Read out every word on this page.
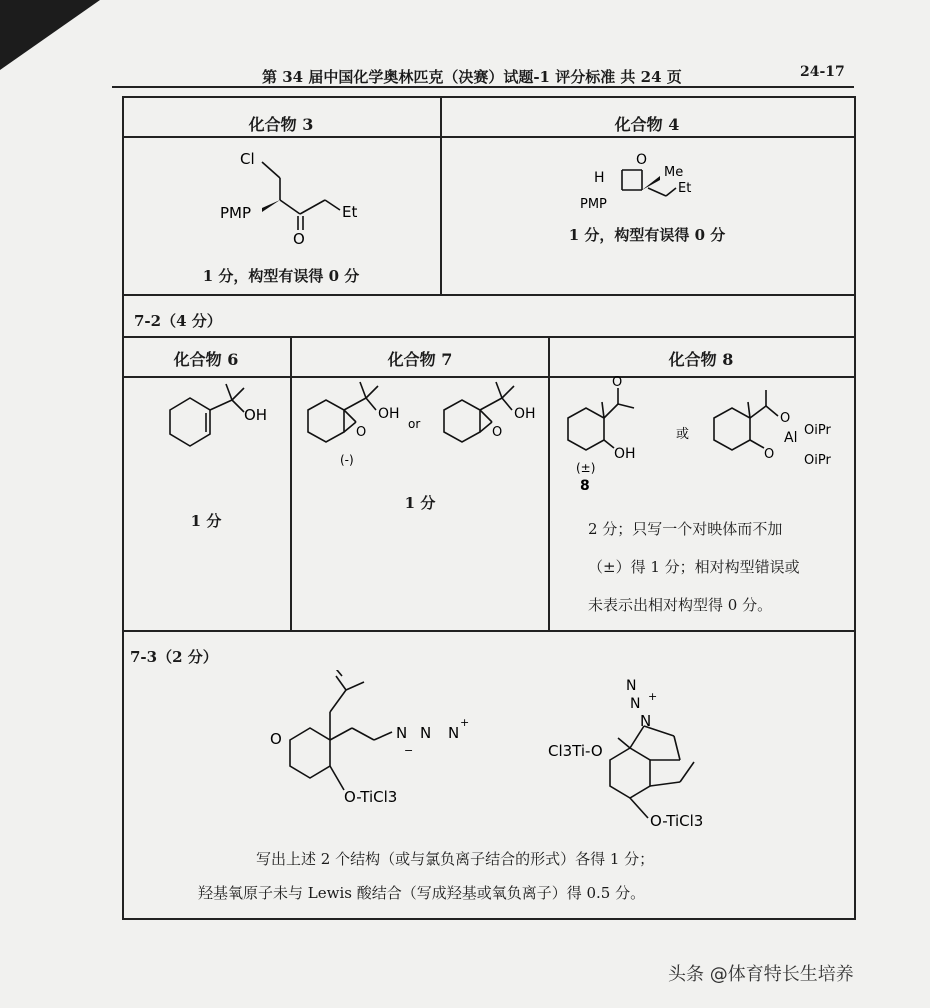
第 34 届中国化学奥林匹克（决赛）试题-1 评分标准 共 24 页	24-17
化合物 3	化合物 4
Cl
PMP	Et
O
1 分，构型有误得 0 分
O
H	Me
Et
PMP
1 分，构型有误得 0 分
7-2（4 分）
化合物 6	化合物 7	化合物 8
OH
1 分
OH
O
or
OH
O
(-)
1 分
O
OH
(±)
8
或
O
O
Al OiPr
OiPr
2 分；只写一个对映体而不加
（±）得 1 分；相对构型错误或
未表示出相对构型得 0 分。
7-3（2 分）
O	N N N
+
−
O-TiCl3
N
N
N
+
Cl3Ti-O
O-TiCl3
写出上述 2 个结构（或与氯负离子结合的形式）各得 1 分；
羟基氧原子未与 Lewis 酸结合（写成羟基或氧负离子）得 0.5 分。
头条 @体育特长生培养
